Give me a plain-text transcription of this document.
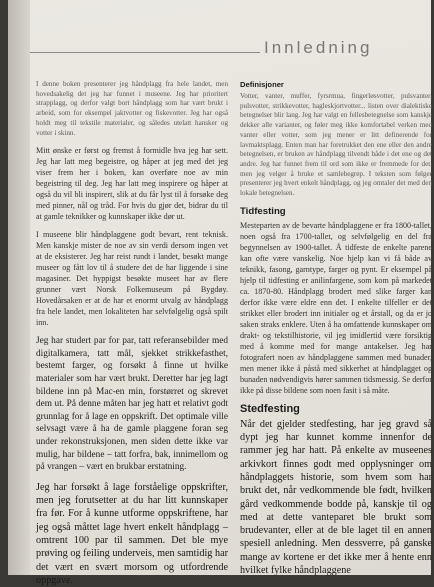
Innledning

I denne boken presenterer jeg håndplagg fra hele landet, men hovedsakelig det jeg har funnet i museene. Jeg har prioritert strapplagg, og derfor valgt bort håndplagg som har vært brukt i arbeid, som for eksempel jaktvotter og fiskevotter. Jeg har også holdt meg til tekstile materialer, og således utelatt hansker og votter i skinn.

Mitt ønske er først og fremst å formidle hva jeg har sett. Jeg har latt meg begeistre, og håper at jeg med det jeg viser frem her i boken, kan overføre noe av min begeistring til deg. Jeg har latt meg inspirere og håper at også du vil bli inspirert, slik at du får lyst til å forsøke deg med pinner, nål og tråd. For hvis du gjør det, bidrar du til at gamle teknikker og kunnskaper ikke dør ut.

I museene blir håndplaggene godt bevart, rent teknisk. Men kanskje mister de noe av sin verdi dersom ingen vet at de eksisterer. Jeg har reist rundt i landet, besøkt mange museer og fått lov til å studere det de har liggende i sine magasiner. Det hyppigst besøkte museet har av flere grunner vært Norsk Folkemuseum på Bygdøy. Hovedårsaken er at de har et enormt utvalg av håndplagg fra hele landet, men lokaliteten har selvfølgelig også spilt inn.

Jeg har studert par for par, tatt referansebilder med digitalkamera, tatt mål, sjekket strikkefasthet, bestemt farger, og forsøkt å finne ut hvilke materialer som har vært brukt. Deretter har jeg lagt bildene inn på Mac-en min, forstørret og skrevet dem ut. På denne måten har jeg hatt et relativt godt grunnlag for å lage en oppskrift. Det optimale ville selvsagt være å ha de gamle plaggene foran seg under rekonstruksjonen, men siden dette ikke var mulig, har bildene – tatt forfra, bak, innimellom og på vrangen – vært en brukbar erstatning.

Jeg har forsøkt å lage forståelige oppskrifter, men jeg forutsetter at du har litt kunnskaper fra før. For å kunne utforme oppskriftene, har jeg også måttet lage hvert enkelt håndplagg – omtrent 100 par til sammen. Det ble mye prøving og feiling underveis, men samtidig har det vært en svært morsom og utfordrende oppgave.

Definisjoner

Votter, vanter, muffer, fyrsrmua, fingerløsvotter, pulsvanter, pulsvotter, strikkevotter, hagleskjortvotter... listen over dialektiske betegnelser blir lang. Jeg har valgt en fellesbetegnelse som kanskje dekker alle varianter, og føler meg ikke komfortabel verken med vanter eller votter, som jeg mener er litt definerende for lavmaktsplagg. Enten man har foretrukket den ene eller den andre betegnelsen, er bruken av håndplagg tilvendt både i det ene og det andre. Jeg har funnet frem til ord som ikke er fremmede for det, men jeg velger å bruke et samlebegrep. I teksten som følger presenterer jeg hvert enkelt håndplagg, og jeg omtaler det med den lokale betegnelsen.

Tidfesting

Mesteparten av de bevarte håndplaggene er fra 1800-tallet, noen også fra 1700-tallet, og selvfølgelig en del fra begynnelsen av 1900-tallet. Å tidfeste de enkelte parene kan ofte være vanskelig. Noe hjelp kan vi få både av teknikk, fasong, garntype, farger og pynt. Er eksempel på hjelp til tidfesting er anilinfargene, som kom på markedet ca. 1870-80. Håndplagg brodert med slike farger kan derfor ikke være eldre enn det. I enkelte tilfeller er det strikket eller brodert inn initialer og et årstall, og da er jo saken straks enklere. Uten å ha omfattende kunnskaper om drakt- og tekstilhistorie, vil jeg imidlertid være forsiktig med å komme med for mange antakelser. Jeg har fotografert noen av håndplaggene sammen med bunader, men mener ikke å påstå med sikkerhet at håndplagget og bunaden nødvendigvis hører sammen tidsmessig. Se derfor ikke på disse bildene som noen fasit i så måte.

Stedfesting

Når det gjelder stedfesting, har jeg gravd så dypt jeg har kunnet komme innenfor de rammer jeg har hatt. På enkelte av museenes arkivkort finnes godt med opplysninger om håndplaggets historie, som hvem som har brukt det, når vedkommende ble født, hvilken gård vedkommende bodde på, kanskje til og med at dette vanteparet ble brukt som brudevanter, eller at de ble laget til en annen spesiell anledning. Men dessverre, på ganske mange av kortene er det ikke mer å hente enn hvilket fylke håndplaggene
